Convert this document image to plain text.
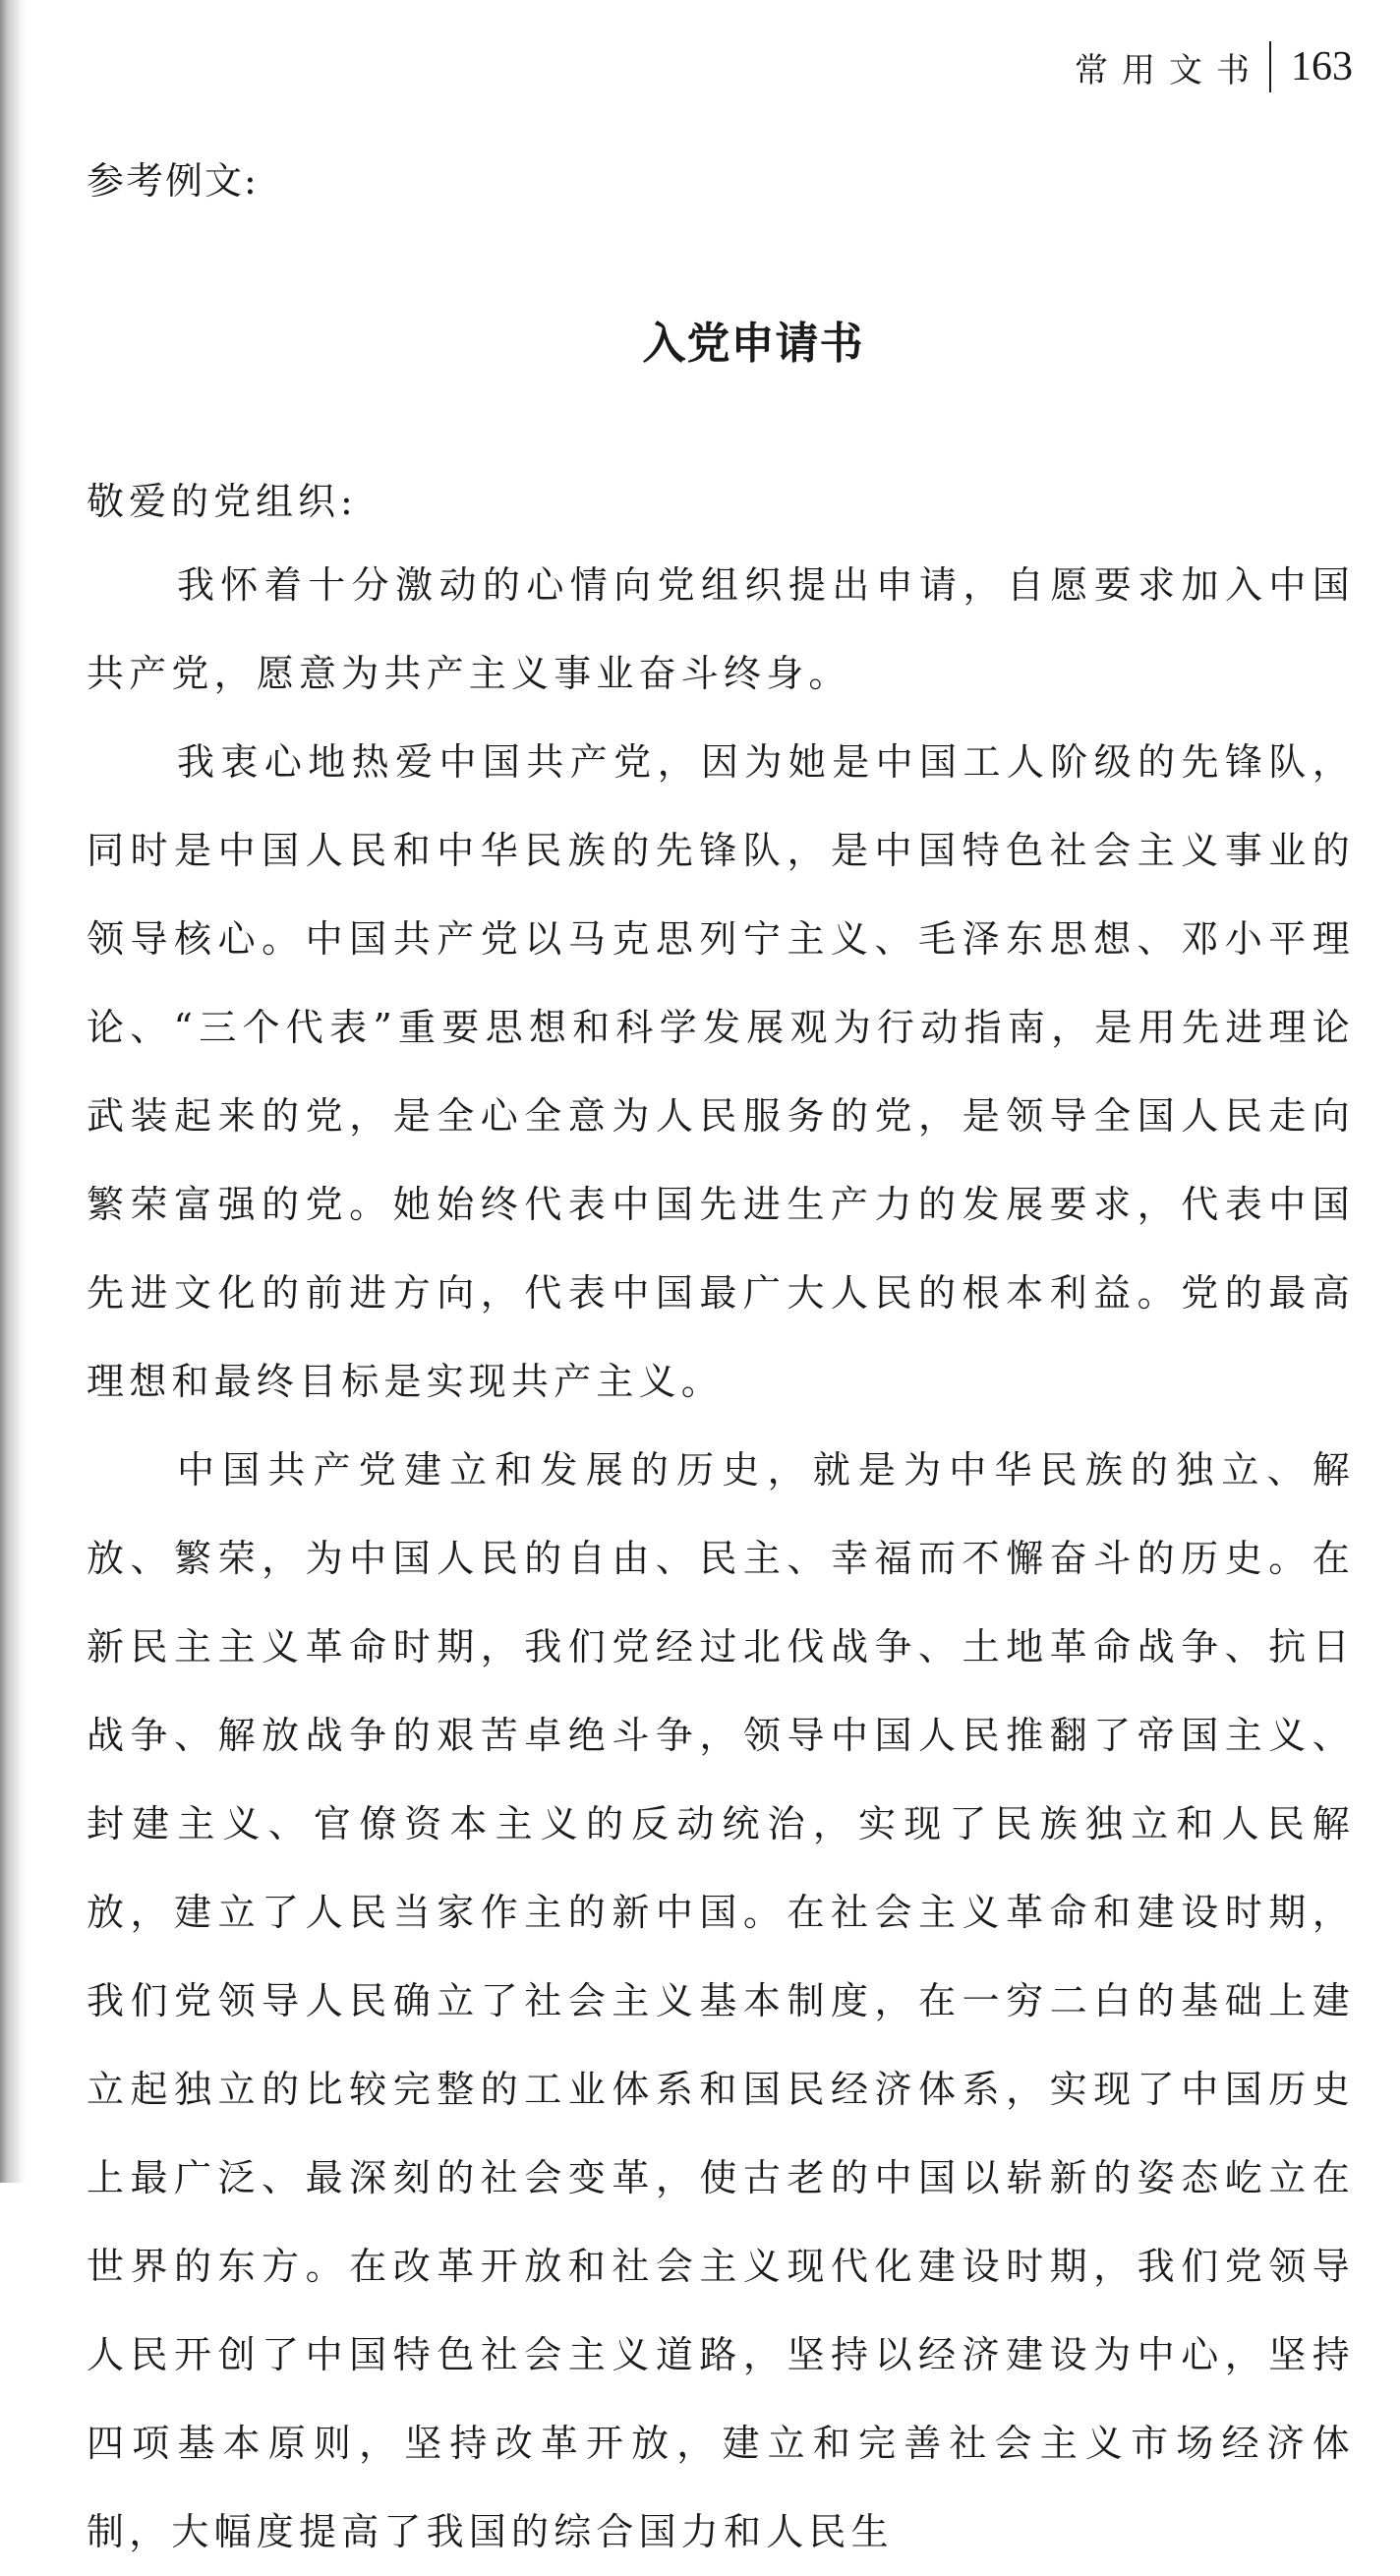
常用文书 163

参考例文:

入党申请书

敬爱的党组织:

我怀着十分激动的心情向党组织提出申请，自愿要求加入中国共产党，愿意为共产主义事业奋斗终身。

我衷心地热爱中国共产党，因为她是中国工人阶级的先锋队，同时是中国人民和中华民族的先锋队，是中国特色社会主义事业的领导核心。中国共产党以马克思列宁主义、毛泽东思想、邓小平理论、“三个代表”重要思想和科学发展观为行动指南，是用先进理论武装起来的党，是全心全意为人民服务的党，是领导全国人民走向繁荣富强的党。她始终代表中国先进生产力的发展要求，代表中国先进文化的前进方向，代表中国最广大人民的根本利益。党的最高理想和最终目标是实现共产主义。

中国共产党建立和发展的历史，就是为中华民族的独立、解放、繁荣，为中国人民的自由、民主、幸福而不懈奋斗的历史。在新民主主义革命时期，我们党经过北伐战争、土地革命战争、抗日战争、解放战争的艰苦卓绝斗争，领导中国人民推翻了帝国主义、封建主义、官僚资本主义的反动统治，实现了民族独立和人民解放，建立了人民当家作主的新中国。在社会主义革命和建设时期，我们党领导人民确立了社会主义基本制度，在一穷二白的基础上建立起独立的比较完整的工业体系和国民经济体系，实现了中国历史上最广泛、最深刻的社会变革，使古老的中国以崭新的姿态屹立在世界的东方。在改革开放和社会主义现代化建设时期，我们党领导人民开创了中国特色社会主义道路，坚持以经济建设为中心，坚持四项基本原则，坚持改革开放，建立和完善社会主义市场经济体制，大幅度提高了我国的综合国力和人民生
